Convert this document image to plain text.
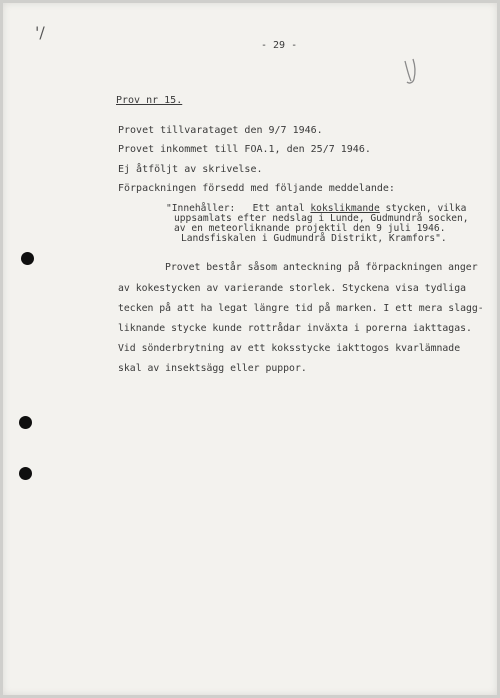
'/
- 29 -
Prov nr 15.
Provet tillvarataget den 9/7 1946.
Provet inkommet till FOA.1, den 25/7 1946.
Ej åtföljt av skrivelse.
Förpackningen försedd med följande meddelande:
"Innehåller:   Ett antal kokslikmande stycken, vilka
uppsamlats efter nedslag i Lunde, Gudmundrå socken,
av en meteorliknande projektil den 9 juli 1946.
Landsfiskalen i Gudmundrå Distrikt, Kramfors".
Provet består såsom anteckning på förpackningen anger
av kokestycken av varierande storlek. Styckena visa tydliga
tecken på att ha legat längre tid på marken. I ett mera slagg-
liknande stycke kunde rottrådar inväxta i porerna iakttagas.
Vid sönderbrytning av ett koksstycke iakttogos kvarlämnade
skal av insektsägg eller puppor.
